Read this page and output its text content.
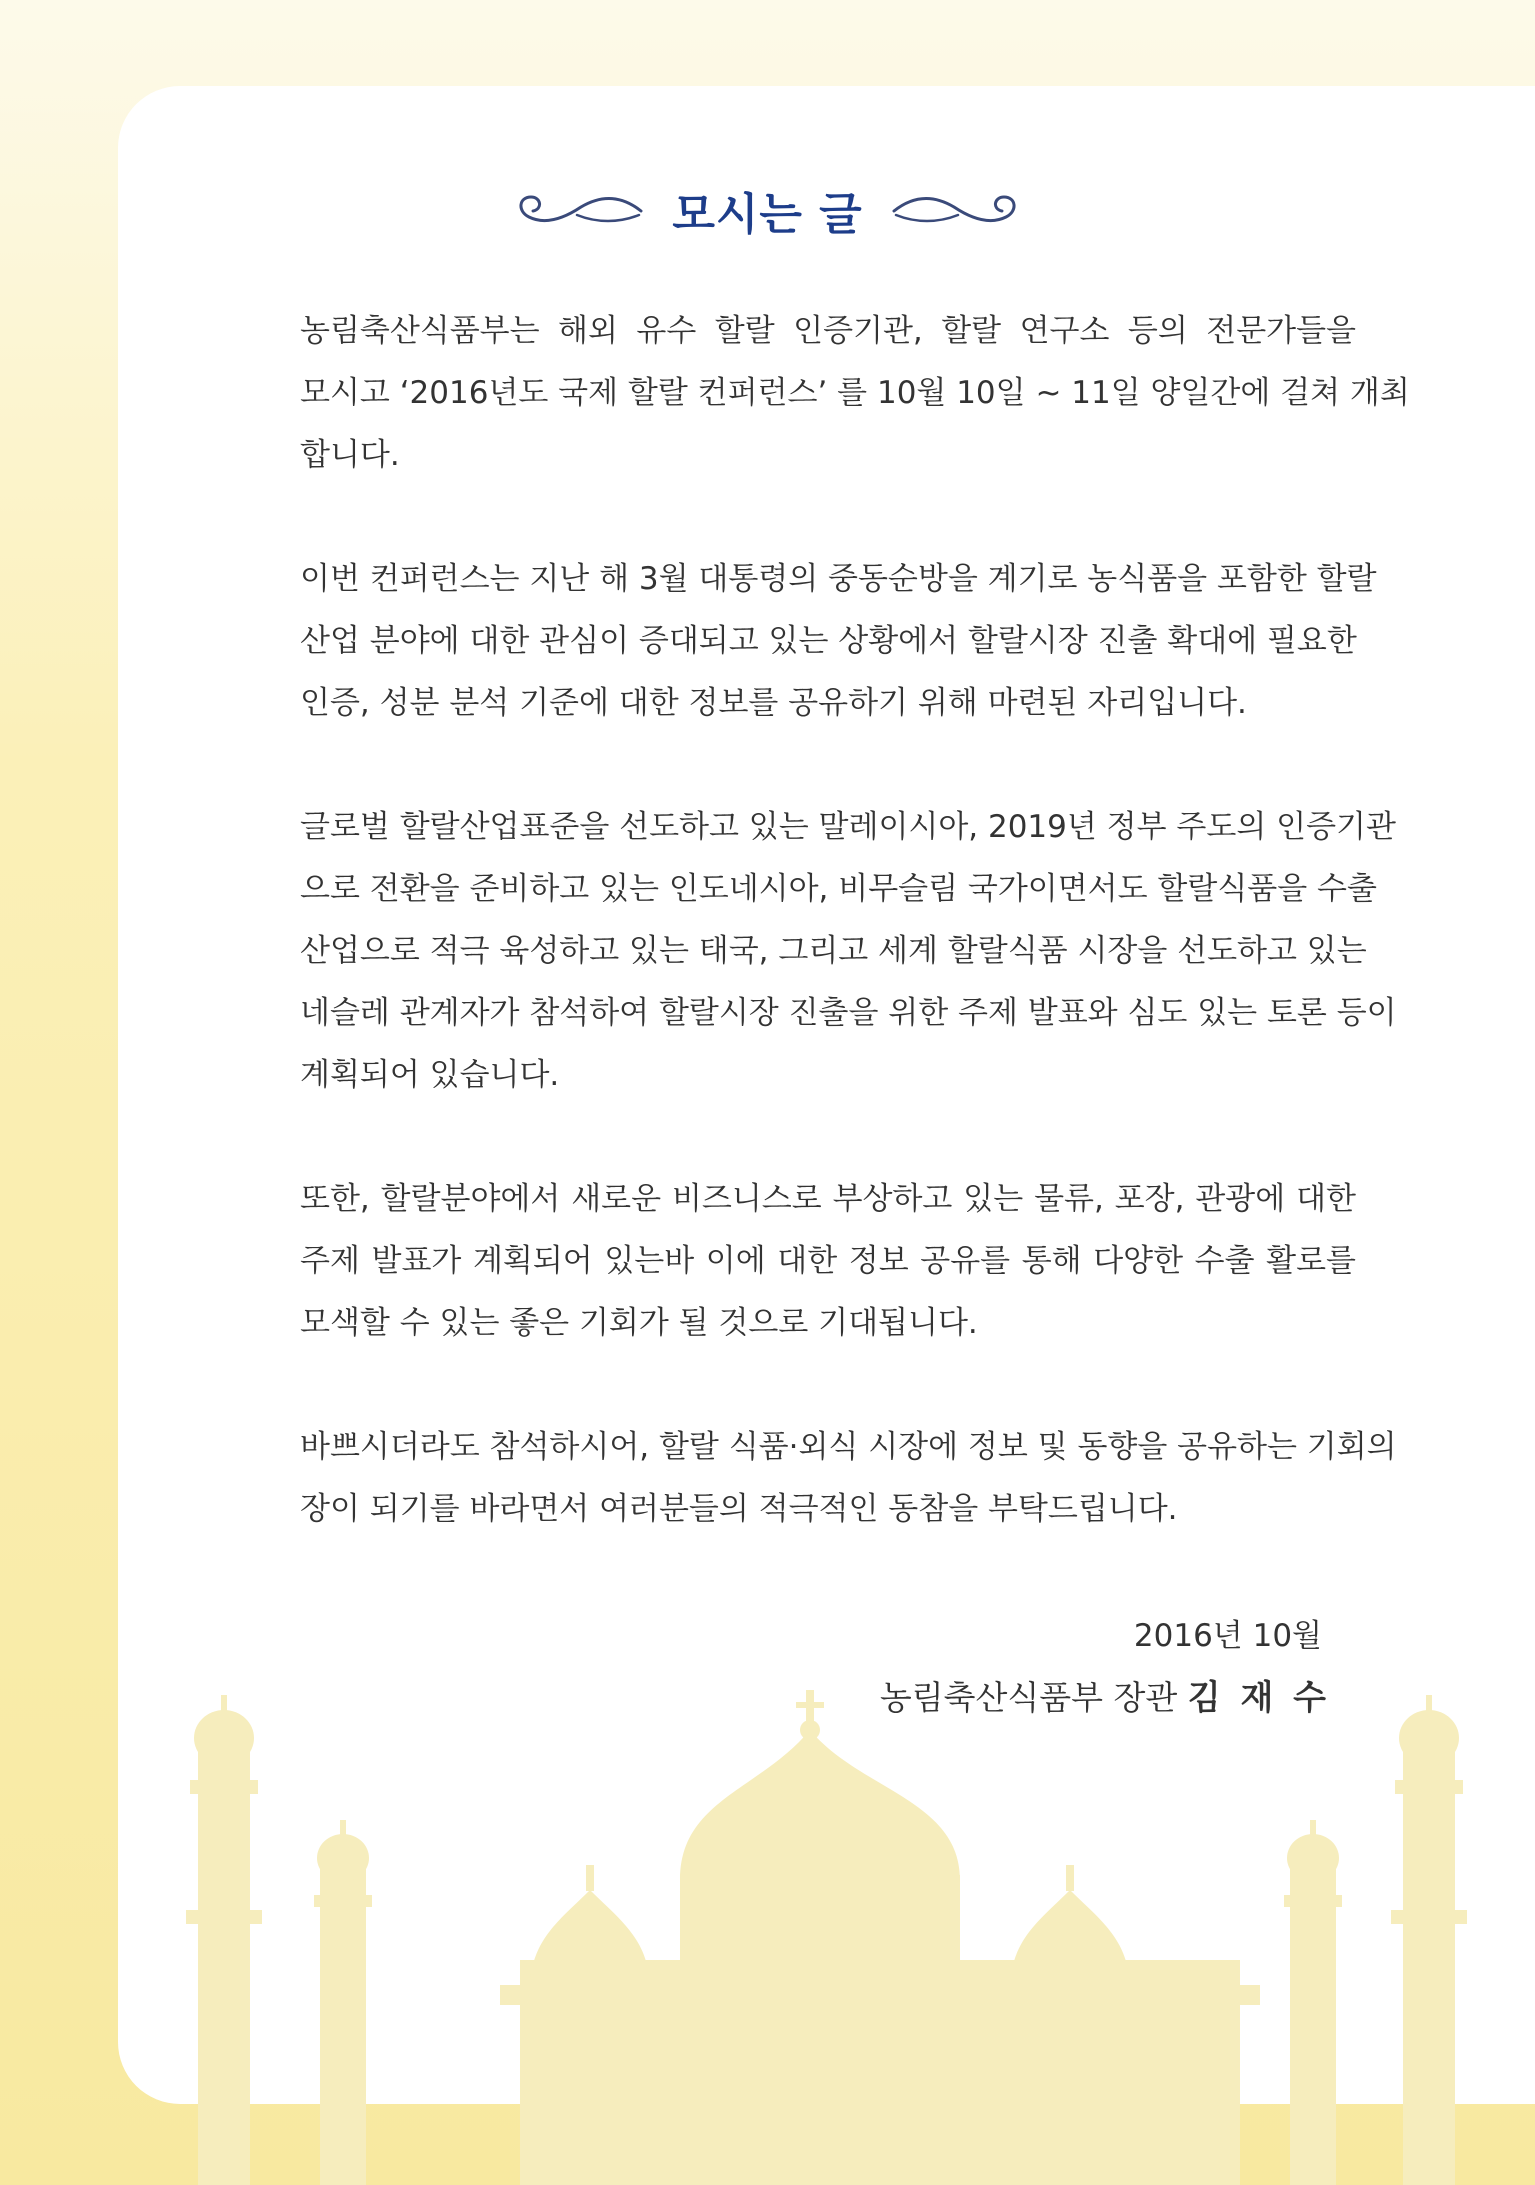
모시는 글
농림축산식품부는 해외 유수 할랄 인증기관, 할랄 연구소 등의 전문가들을
모시고 ‘2016년도 국제 할랄 컨퍼런스’ 를 10월 10일 ~ 11일 양일간에 걸쳐 개최
합니다.
이번 컨퍼런스는 지난 해 3월 대통령의 중동순방을 계기로 농식품을 포함한 할랄
산업 분야에 대한 관심이 증대되고 있는 상황에서 할랄시장 진출 확대에 필요한
인증, 성분 분석 기준에 대한 정보를 공유하기 위해 마련된 자리입니다.
글로벌 할랄산업표준을 선도하고 있는 말레이시아, 2019년 정부 주도의 인증기관
으로 전환을 준비하고 있는 인도네시아, 비무슬림 국가이면서도 할랄식품을 수출
산업으로 적극 육성하고 있는 태국, 그리고 세계 할랄식품 시장을 선도하고 있는
네슬레 관계자가 참석하여 할랄시장 진출을 위한 주제 발표와 심도 있는 토론 등이
계획되어 있습니다.
또한, 할랄분야에서 새로운 비즈니스로 부상하고 있는 물류, 포장, 관광에 대한
주제 발표가 계획되어 있는바 이에 대한 정보 공유를 통해 다양한 수출 활로를
모색할 수 있는 좋은 기회가 될 것으로 기대됩니다.
바쁘시더라도 참석하시어, 할랄 식품·외식 시장에 정보 및 동향을 공유하는 기회의
장이 되기를 바라면서 여러분들의 적극적인 동참을 부탁드립니다.
2016년 10월
농림축산식품부 장관 김 재 수
